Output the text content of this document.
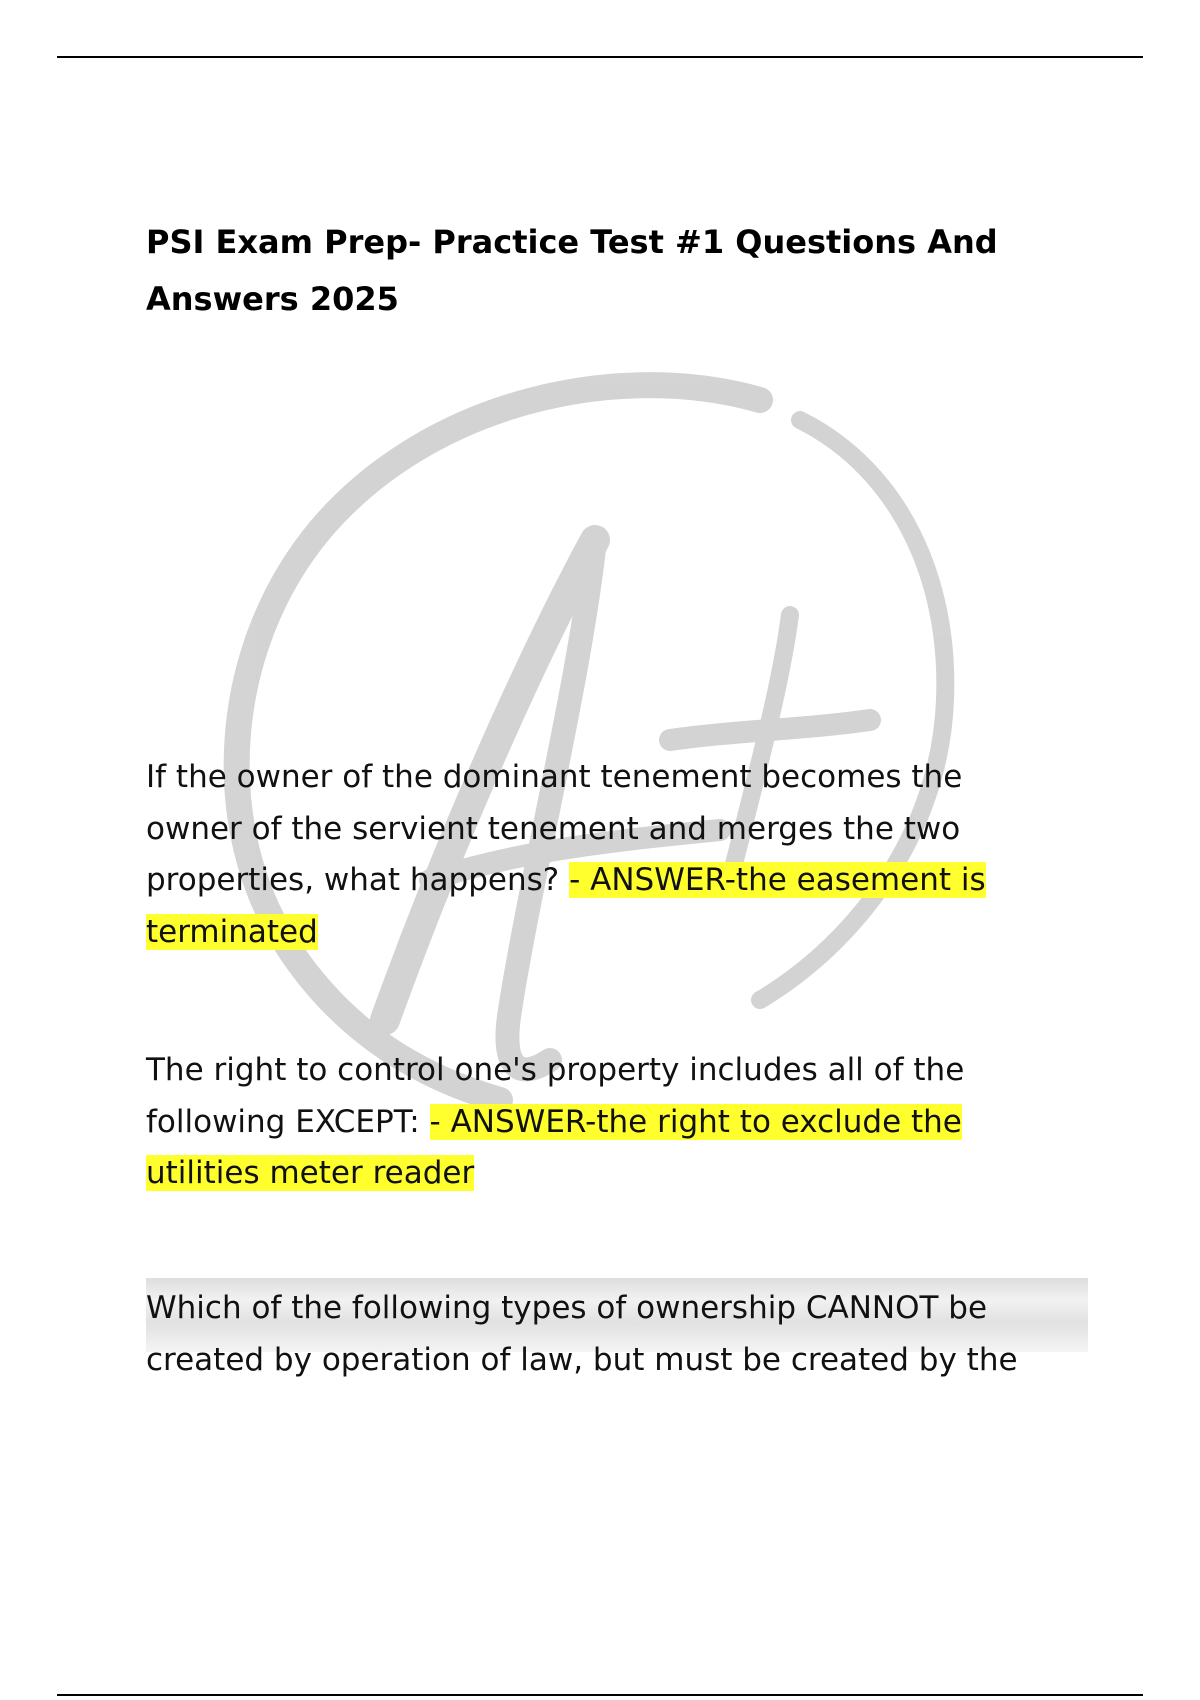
PSI Exam Prep- Practice Test #1 Questions And Answers 2025

If the owner of the dominant tenement becomes the owner of the servient tenement and merges the two properties, what happens? - ANSWER-the easement is terminated

The right to control one's property includes all of the following EXCEPT: - ANSWER-the right to exclude the utilities meter reader

Which of the following types of ownership CANNOT be created by operation of law, but must be created by the
